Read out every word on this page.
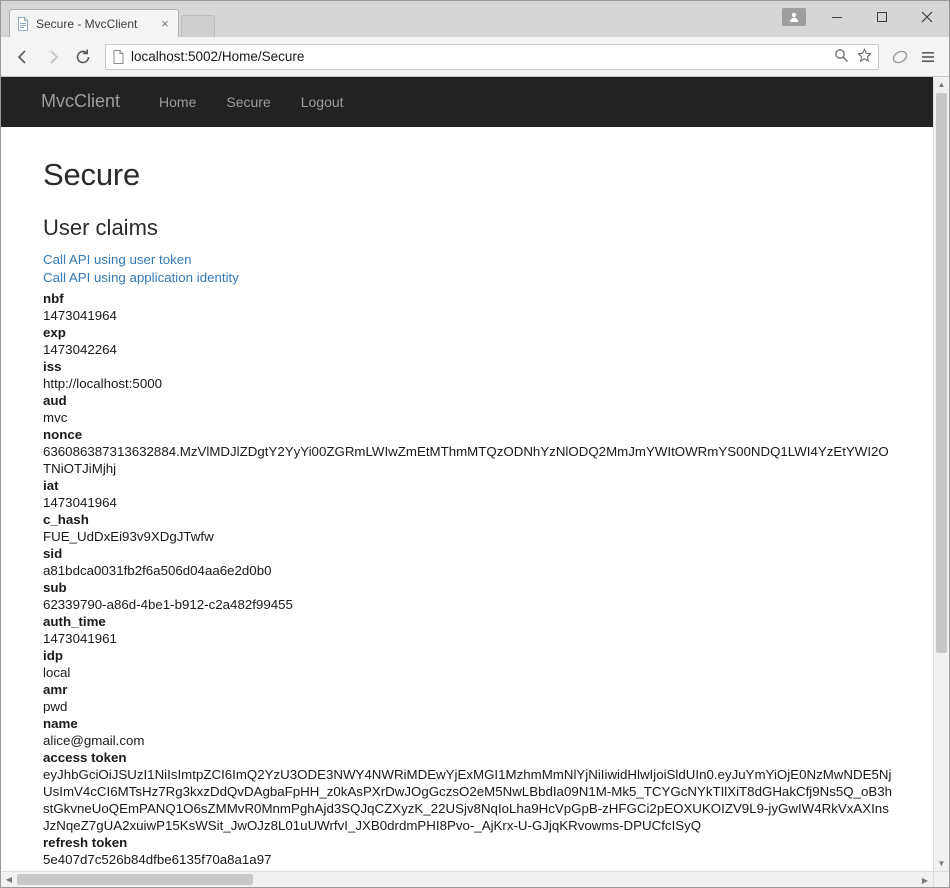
Secure - MvcClient	×
localhost:5002/Home/Secure
MvcClient	Home	Secure	Logout
Secure
User claims
Call API using user token
Call API using application identity
nbf
1473041964
exp
1473042264
iss
http://localhost:5000
aud
mvc
nonce
636086387313632884.MzVlMDJlZDgtY2YyYi00ZGRmLWIwZmEtMThmMTQzODNhYzNlODQ2MmJmYWItOWRmYS00NDQ1LWI4YzEtYWI2OTNiOTJiMjhj
iat
1473041964
c_hash
FUE_UdDxEi93v9XDgJTwfw
sid
a81bdca0031fb2f6a506d04aa6e2d0b0
sub
62339790-a86d-4be1-b912-c2a482f99455
auth_time
1473041961
idp
local
amr
pwd
name
alice@gmail.com
access token
eyJhbGciOiJSUzI1NiIsImtpZCI6ImQ2YzU3ODE3NWY4NWRiMDEwYjExMGI1MzhmMmNlYjNiIiwidHlwIjoiSldUIn0.eyJuYmYiOjE0NzMwNDE5NjUsImV4cCI6MTsHz7Rg3kxzDdQvDAgbaFpHH_z0kAsPXrDwJOgGczsO2eM5NwLBbdIa09N1M-Mk5_TCYGcNYkTIlXiT8dGHakCfj9Ns5Q_oB3hstGkvneUoQEmPANQ1O6sZMMvR0MnmPghAjd3SQJqCZXyzK_22USjv8NqIoLha9HcVpGpB-zHFGCi2pEOXUKOIZV9L9-jyGwIW4RkVxAXInsJzNqeZ7gUA2xuiwP15KsWSit_JwOJz8L01uUWrfvI_JXB0drdmPHI8Pvo-_AjKrx-U-GJjqKRvowms-DPUCfcISyQ
refresh token
5e407d7c526b84dfbe6135f70a8a1a97
▲
▼
◀	▶
